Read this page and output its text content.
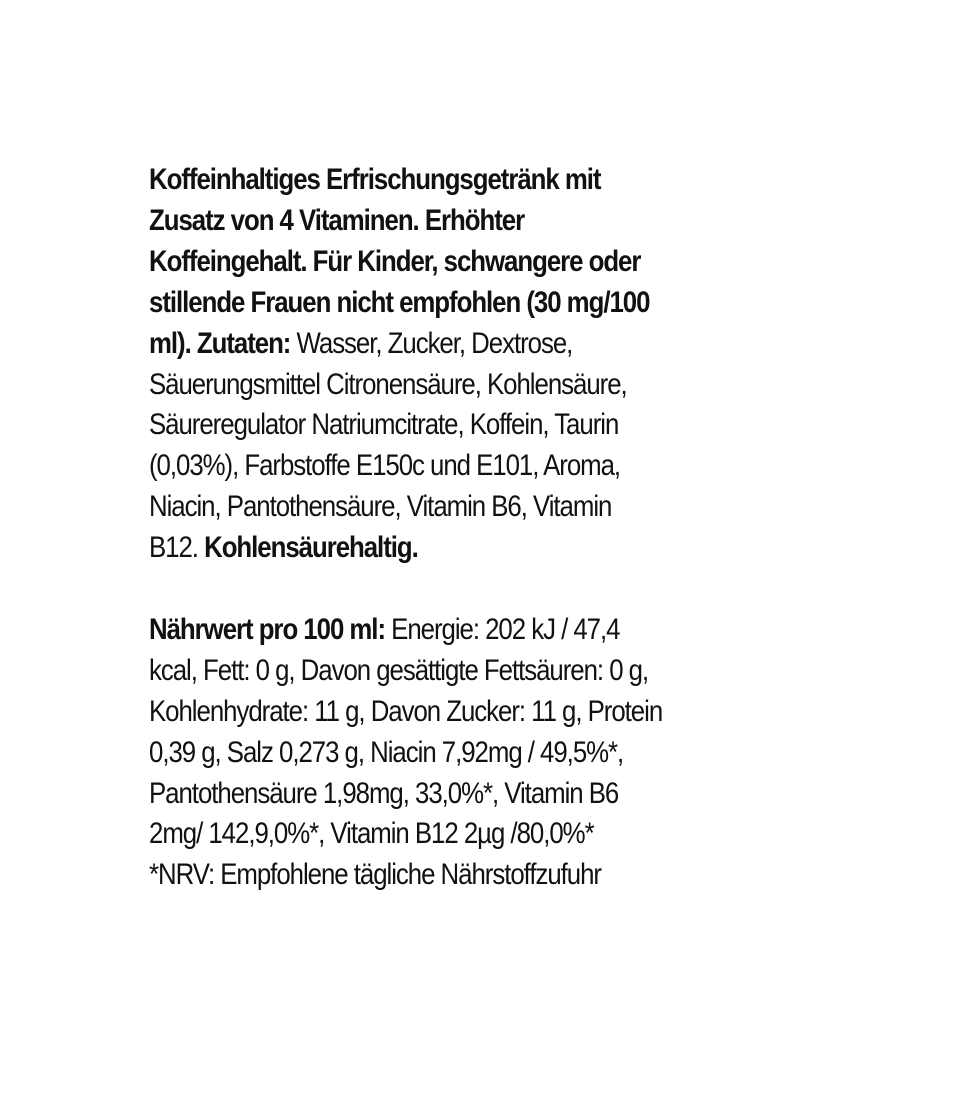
Koffeinhaltiges Erfrischungsgetränk mit Zusatz von 4 Vitaminen. Erhöhter Koffeingehalt. Für Kinder, schwangere oder stillende Frauen nicht empfohlen (30 mg/100 ml). Zutaten: Wasser, Zucker, Dextrose, Säuerungsmittel Citronensäure, Kohlensäure, Säureregulator Natriumcitrate, Koffein, Taurin (0,03%), Farbstoffe E150c und E101, Aroma, Niacin, Pantothensäure, Vitamin B6, Vitamin B12. Kohlensäurehaltig.

Nährwert pro 100 ml: Energie: 202 kJ / 47,4 kcal, Fett: 0 g, Davon gesättigte Fettsäuren: 0 g, Kohlenhydrate: 11 g, Davon Zucker: 11 g, Protein 0,39 g, Salz 0,273 g, Niacin 7,92mg / 49,5%*, Pantothensäure 1,98mg, 33,0%*, Vitamin B6 2mg/ 142,9,0%*, Vitamin B12 2µg /80,0%*
*NRV: Empfohlene tägliche Nährstoffzufuhr
